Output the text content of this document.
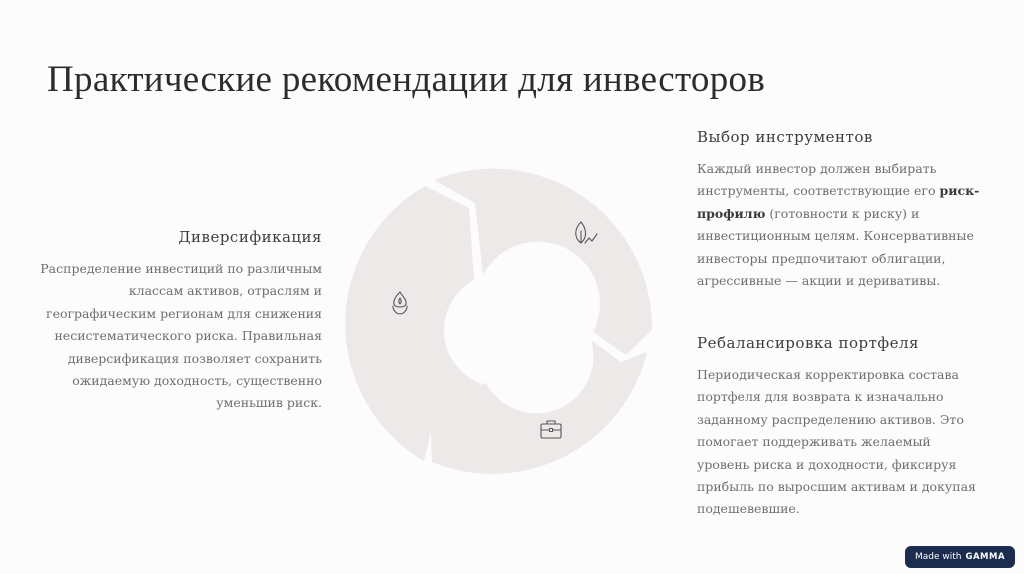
Практические рекомендации для инвесторов
Диверсификация

Распределение инвестиций по различным классам активов, отраслям и географическим регионам для снижения несистематического риска. Правильная диверсификация позволяет сохранить ожидаемую доходность, существенно уменьшив риск.

Выбор инструментов

Каждый инвестор должен выбирать инструменты, соответствующие его риск-профилю (готовности к риску) и инвестиционным целям. Консервативные инвесторы предпочитают облигации, агрессивные — акции и деривативы.

Ребалансировка портфеля

Периодическая корректировка состава портфеля для возврата к изначально заданному распределению активов. Это помогает поддерживать желаемый уровень риска и доходности, фиксируя прибыль по выросшим активам и докупая подешевевшие.

Made with GAMMA
